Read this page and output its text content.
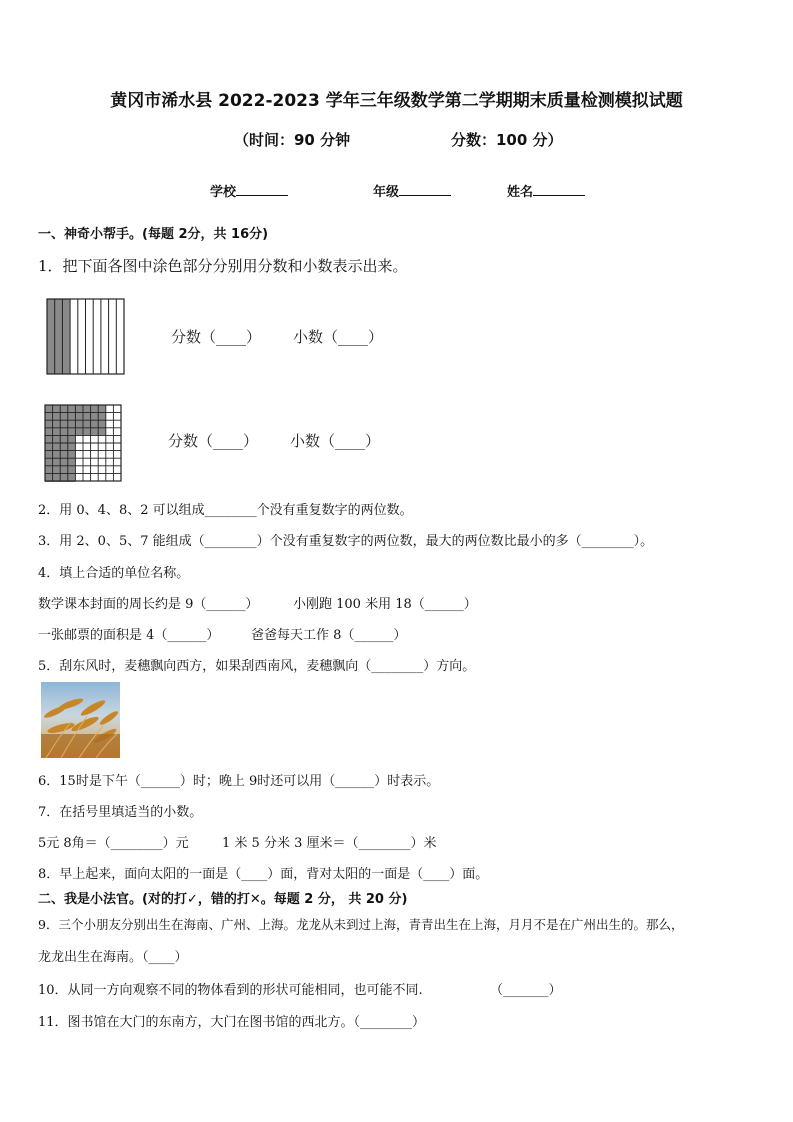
黄冈市浠水县 2022-2023 学年三年级数学第二学期期末质量检测模拟试题
（时间：90 分钟	分数：100 分）
学校	年级	姓名
一、神奇小帮手。(每题 2分，共 16分)
1．把下面各图中涂色部分分别用分数和小数表示出来。
分数（____） 小数（____）
分数（____） 小数（____）
2．用 0、4、8、2 可以组成________个没有重复数字的两位数。
3．用 2、0、5、7 能组成（________）个没有重复数字的两位数，最大的两位数比最小的多（________）。
4．填上合适的单位名称。
数学课本封面的周长约是 9（______）	小刚跑 100 米用 18（______）
一张邮票的面积是 4（______） 爸爸每天工作 8（______）
5．刮东风时，麦穗飘向西方，如果刮西南风，麦穗飘向（________）方向。
6．15时是下午（______）时；晚上 9时还可以用（______）时表示。
7．在括号里填适当的小数。
5元 8角＝（________）元	1 米 5 分米 3 厘米＝（________）米
8．早上起来，面向太阳的一面是（____）面，背对太阳的一面是（____）面。
二、我是小法官。(对的打✓，错的打✕。每题 2 分， 共 20 分)
9．三个小朋友分别出生在海南、广州、上海。龙龙从未到过上海，青青出生在上海，月月不是在广州出生的。那么，
龙龙出生在海南。（____）
10．从同一方向观察不同的物体看到的形状可能相同，也可能不同.	（_______）
11．图书馆在大门的东南方，大门在图书馆的西北方。（________）
